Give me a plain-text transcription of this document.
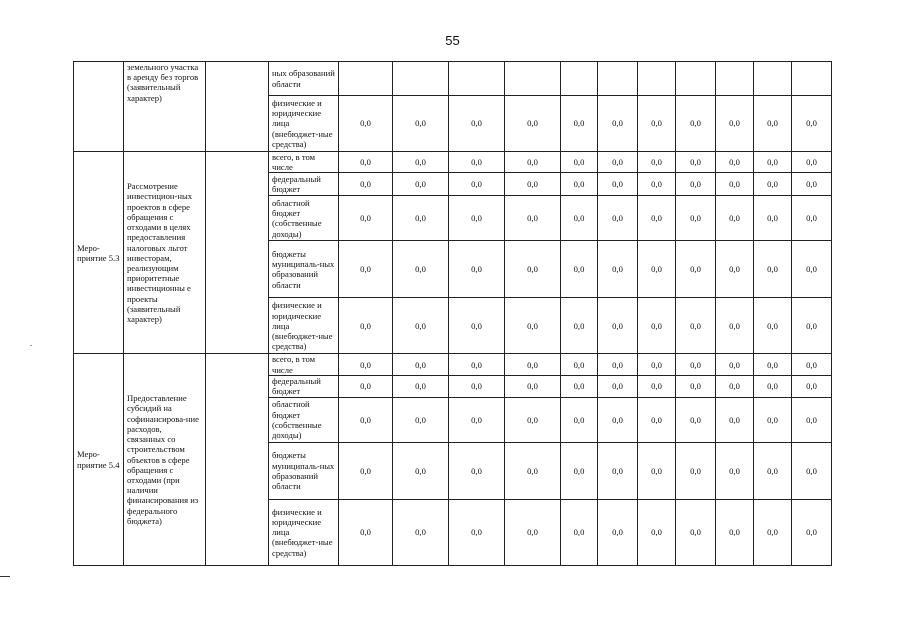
55
	земельного участка в аренду без торгов (заявительный характер)		ных образований области											
			физические и юридические лица (внебюджет-ные средства)	0,0	0,0	0,0	0,0	0,0	0,0	0,0	0,0	0,0	0,0	0,0
Меро-приятие 5.3	Рассмотрение инвестицион-ных проектов в сфере обращения с отходами в целях предоставления налоговых льгот инвесторам, реализующим приоритетные инвестиционны е проекты (заявительный характер)		всего, в том числе	0,0	0,0	0,0	0,0	0,0	0,0	0,0	0,0	0,0	0,0	0,0
			федеральный бюджет	0,0	0,0	0,0	0,0	0,0	0,0	0,0	0,0	0,0	0,0	0,0
			областной бюджет (собственные доходы)	0,0	0,0	0,0	0,0	0,0	0,0	0,0	0,0	0,0	0,0	0,0
			бюджеты муниципаль-ных образований области	0,0	0,0	0,0	0,0	0,0	0,0	0,0	0,0	0,0	0,0	0,0
			физические и юридические лица (внебюджет-ные средства)	0,0	0,0	0,0	0,0	0,0	0,0	0,0	0,0	0,0	0,0	0,0
Меро-приятие 5.4	Предоставление субсидий на софинансирова-ние расходов, связанных со строительством объектов в сфере обращения с отходами (при наличии финансирования из федерального бюджета)		всего, в том числе	0,0	0,0	0,0	0,0	0,0	0,0	0,0	0,0	0,0	0,0	0,0
			федеральный бюджет	0,0	0,0	0,0	0,0	0,0	0,0	0,0	0,0	0,0	0,0	0,0
			областной бюджет (собственные доходы)	0,0	0,0	0,0	0,0	0,0	0,0	0,0	0,0	0,0	0,0	0,0
			бюджеты муниципаль-ных образований области	0,0	0,0	0,0	0,0	0,0	0,0	0,0	0,0	0,0	0,0	0,0
			физические и юридические лица (внебюджет-ные средства)	0,0	0,0	0,0	0,0	0,0	0,0	0,0	0,0	0,0	0,0	0,0
